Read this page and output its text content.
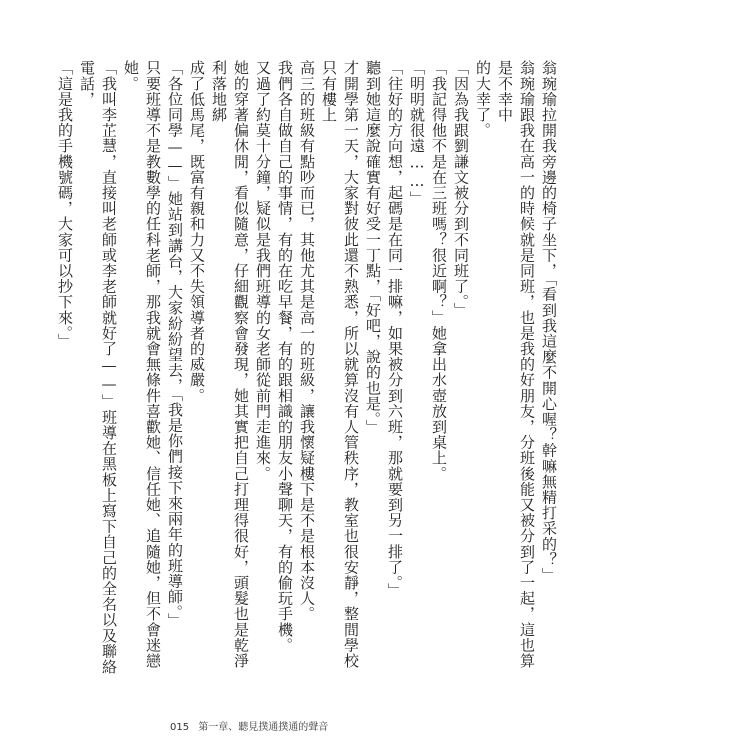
翁琬瑜拉開我旁邊的椅子坐下，「看到我這麼不開心喔？幹嘛無精打采的？」

翁琬瑜跟我在高一的時候就是同班，也是我的好朋友，分班後能又被分到了一起，這也算是不幸中

的大幸了。

「因為我跟劉謙文被分到不同班了。」

「我記得他不是在三班嗎？很近啊？」她拿出水壺放到桌上。

「明明就很遠……」

「往好的方向想，起碼是在同一排嘛，如果被分到六班，那就要到另一排了。」

聽到她這麼說確實有好受一丁點，「好吧，說的也是。」

才開學第一天，大家對彼此還不熟悉，所以就算沒有人管秩序，教室也很安靜，整間學校只有樓上

高三的班級有點吵而已，其他尤其是高一的班級，讓我懷疑樓下是不是根本沒人。

我們各自做自己的事情，有的在吃早餐，有的跟相識的朋友小聲聊天，有的偷玩手機。

又過了約莫十分鐘，疑似是我們班導的女老師從前門走進來。

她的穿著偏休閒，看似隨意，仔細觀察會發現，她其實把自己打理得很好，頭髮也是乾淨利落地綁

成了低馬尾，既富有親和力又不失領導者的威嚴。

「各位同學——」她站到講台，大家紛紛望去，「我是你們接下來兩年的班導師。」

只要班導不是教數學的任科老師，那我就會無條件喜歡她、信任她、追隨她，但不會迷戀她。

「我叫李芷慧，直接叫老師或李老師就好了——」班導在黑板上寫下自己的全名以及聯絡電話，

「這是我的手機號碼，大家可以抄下來。」

015 第一章、聽見撲通撲通的聲音
